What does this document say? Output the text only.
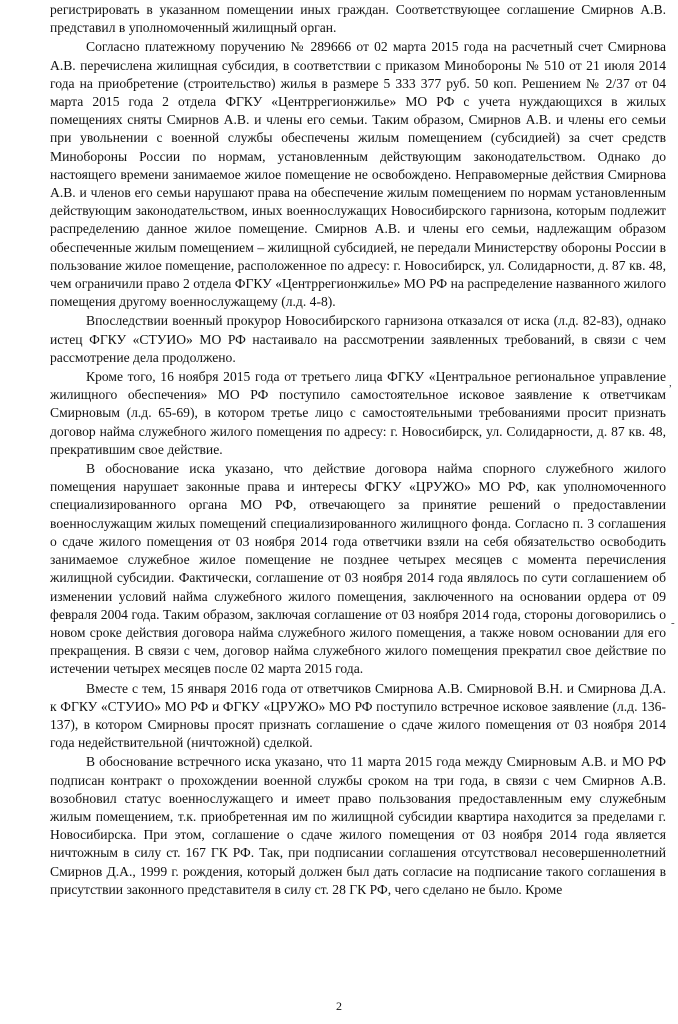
регистрировать в указанном помещении иных граждан. Соответствующее соглашение Смирнов А.В. представил в уполномоченный жилищный орган.

Согласно платежному поручению № 289666 от 02 марта 2015 года на расчетный счет Смирнова А.В. перечислена жилищная субсидия, в соответствии с приказом Минобороны № 510 от 21 июля 2014 года на приобретение (строительство) жилья в размере 5 333 377 руб. 50 коп. Решением № 2/37 от 04 марта 2015 года 2 отдела ФГКУ «Центррегионжилье» МО РФ с учета нуждающихся в жилых помещениях сняты Смирнов А.В. и члены его семьи. Таким образом, Смирнов А.В. и члены его семьи при увольнении с военной службы обеспечены жилым помещением (субсидией) за счет средств Минобороны России по нормам, установленным действующим законодательством. Однако до настоящего времени занимаемое жилое помещение не освобождено. Неправомерные действия Смирнова А.В. и членов его семьи нарушают права на обеспечение жилым помещением по нормам установленным действующим законодательством, иных военнослужащих Новосибирского гарнизона, которым подлежит распределению данное жилое помещение. Смирнов А.В. и члены его семьи, надлежащим образом обеспеченные жилым помещением – жилищной субсидией, не передали Министерству обороны России в пользование жилое помещение, расположенное по адресу: г. Новосибирск, ул. Солидарности, д. 87 кв. 48, чем ограничили право 2 отдела ФГКУ «Центррегионжилье» МО РФ на распределение названного жилого помещения другому военнослужащему (л.д. 4-8).

Впоследствии военный прокурор Новосибирского гарнизона отказался от иска (л.д. 82-83), однако истец ФГКУ «СТУИО» МО РФ настаивало на рассмотрении заявленных требований, в связи с чем рассмотрение дела продолжено.

Кроме того, 16 ноября 2015 года от третьего лица ФГКУ «Центральное региональное управление жилищного обеспечения» МО РФ поступило самостоятельное исковое заявление к ответчикам Смирновым (л.д. 65-69), в котором третье лицо с самостоятельными требованиями просит признать договор найма служебного жилого помещения по адресу: г. Новосибирск, ул. Солидарности, д. 87 кв. 48, прекратившим свое действие.

В обоснование иска указано, что действие договора найма спорного служебного жилого помещения нарушает законные права и интересы ФГКУ «ЦРУЖО» МО РФ, как уполномоченного специализированного органа МО РФ, отвечающего за принятие решений о предоставлении военнослужащим жилых помещений специализированного жилищного фонда. Согласно п. 3 соглашения о сдаче жилого помещения от 03 ноября 2014 года ответчики взяли на себя обязательство освободить занимаемое служебное жилое помещение не позднее четырех месяцев с момента перечисления жилищной субсидии. Фактически, соглашение от 03 ноября 2014 года являлось по сути соглашением об изменении условий найма служебного жилого помещения, заключенного на основании ордера от 09 февраля 2004 года. Таким образом, заключая соглашение от 03 ноября 2014 года, стороны договорились о новом сроке действия договора найма служебного жилого помещения, а также новом основании для его прекращения. В связи с чем, договор найма служебного жилого помещения прекратил свое действие по истечении четырех месяцев после 02 марта 2015 года.

Вместе с тем, 15 января 2016 года от ответчиков Смирнова А.В. Смирновой В.Н. и Смирнова Д.А. к ФГКУ «СТУИО» МО РФ и ФГКУ «ЦРУЖО» МО РФ поступило встречное исковое заявление (л.д. 136-137), в котором Смирновы просят признать соглашение о сдаче жилого помещения от 03 ноября 2014 года недействительной (ничтожной) сделкой.

В обоснование встречного иска указано, что 11 марта 2015 года между Смирновым А.В. и МО РФ подписан контракт о прохождении военной службы сроком на три года, в связи с чем Смирнов А.В. возобновил статус военнослужащего и имеет право пользования предоставленным ему служебным жилым помещением, т.к. приобретенная им по жилищной субсидии квартира находится за пределами г. Новосибирска. При этом, соглашение о сдаче жилого помещения от 03 ноября 2014 года является ничтожным в силу ст. 167 ГК РФ. Так, при подписании соглашения отсутствовал несовершеннолетний Смирнов Д.А., 1999 г. рождения, который должен был дать согласие на подписание такого соглашения в присутствии законного представителя в силу ст. 28 ГК РФ, чего сделано не было. Кроме

,
-
2
